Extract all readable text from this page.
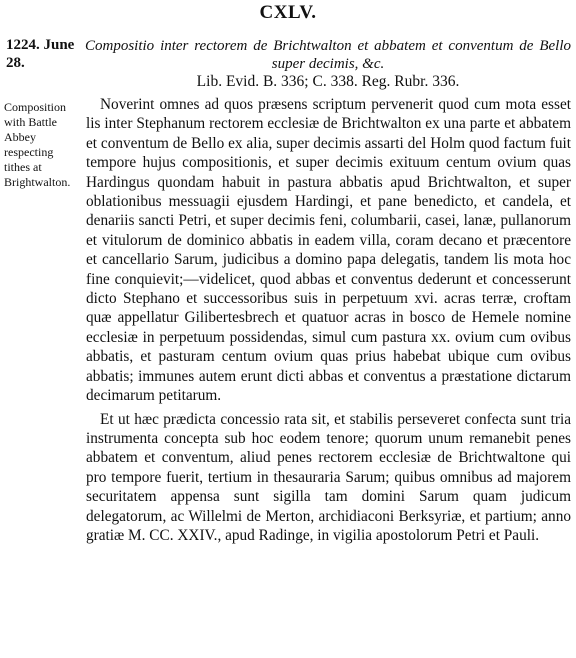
CXLV.
1224. June 28.
Compositio inter rectorem de Brichtwalton et abbatem et conventum de Bello super decimis, &c.
Lib. Evid. B. 336; C. 338. Reg. Rubr. 336.
Composition with Battle Abbey respecting tithes at Brightwalton.

Noverint omnes ad quos præsens scriptum pervenerit quod cum mota esset lis inter Stephanum rectorem ecclesiæ de Brichtwalton ex una parte et abbatem et conventum de Bello ex alia, super decimis assarti del Holm quod factum fuit tempore hujus compositionis, et super decimis exituum centum ovium quas Hardingus quondam habuit in pastura abbatis apud Brichtwalton, et super oblationibus messuagii ejusdem Hardingi, et pane benedicto, et candela, et denariis sancti Petri, et super decimis feni, columbarii, casei, lanæ, pullanorum et vitulorum de dominico abbatis in eadem villa, coram decano et præcentore et cancellario Sarum, judicibus a domino papa delegatis, tandem lis mota hoc fine conquievit;—videlicet, quod abbas et conventus dederunt et concesserunt dicto Stephano et successoribus suis in perpetuum xvi. acras terræ, croftam quæ appellatur Gilibertesbrech et quatuor acras in bosco de Hemele nomine ecclesiæ in perpetuum possidendas, simul cum pastura xx. ovium cum ovibus abbatis, et pasturam centum ovium quas prius habebat ubique cum ovibus abbatis; immunes autem erunt dicti abbas et conventus a præstatione dictarum decimarum petitarum.

Et ut hæc prædicta concessio rata sit, et stabilis perseveret confecta sunt tria instrumenta concepta sub hoc eodem tenore; quorum unum remanebit penes abbatem et conventum, aliud penes rectorem ecclesiæ de Brichtwaltone qui pro tempore fuerit, tertium in thesauraria Sarum; quibus omnibus ad majorem securitatem appensa sunt sigilla tam domini Sarum quam judicum delegatorum, ac Willelmi de Merton, archidiaconi Berksyriæ, et partium; anno gratiæ M. CC. XXIV., apud Radinge, in vigilia apostolorum Petri et Pauli.
